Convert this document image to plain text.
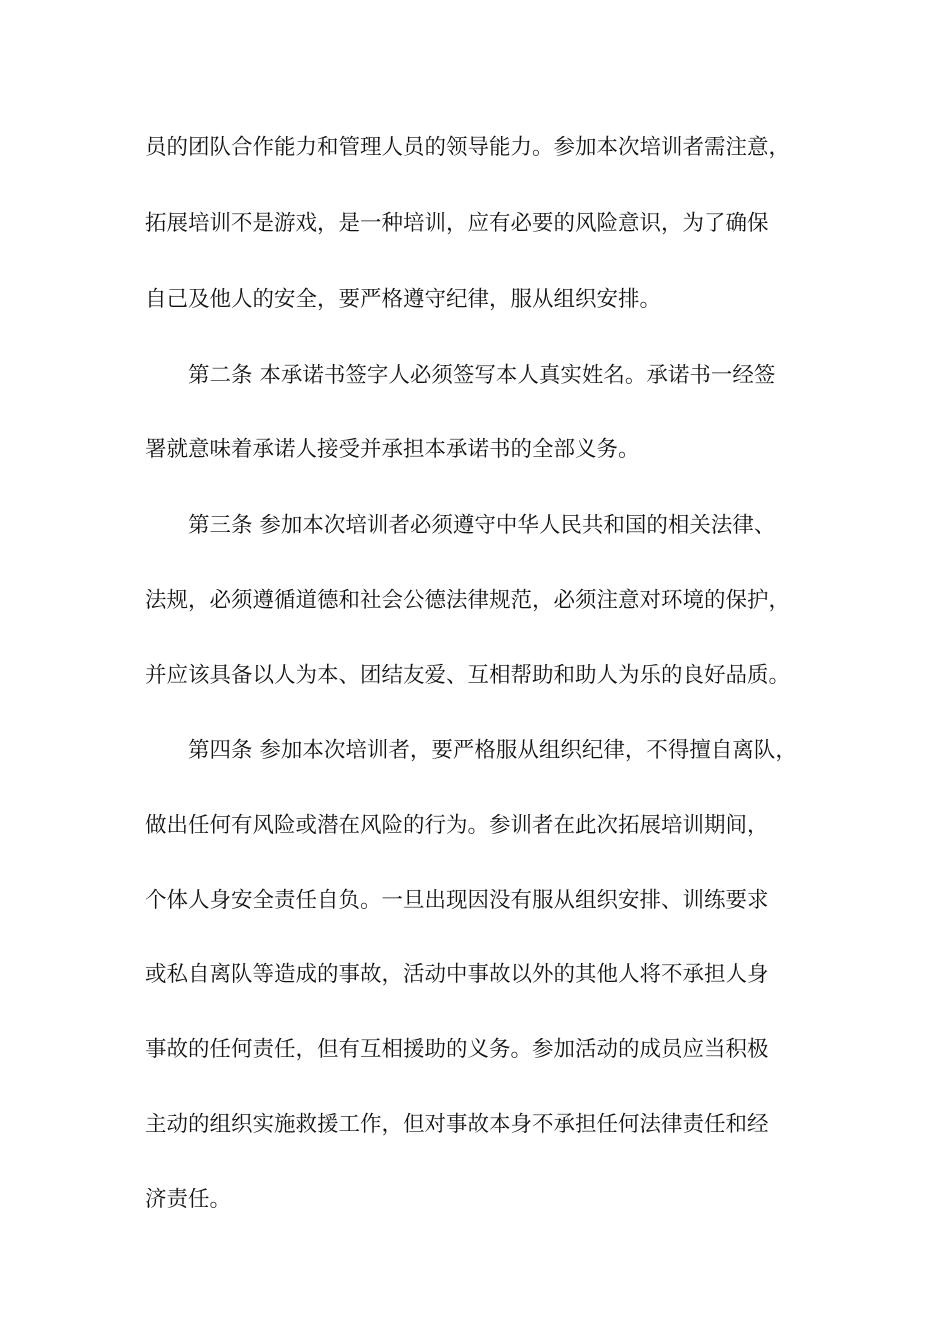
员的团队合作能力和管理人员的领导能力。参加本次培训者需注意，
拓展培训不是游戏，是一种培训，应有必要的风险意识，为了确保
自己及他人的安全，要严格遵守纪律，服从组织安排。
第二条 本承诺书签字人必须签写本人真实姓名。承诺书一经签
署就意味着承诺人接受并承担本承诺书的全部义务。
第三条 参加本次培训者必须遵守中华人民共和国的相关法律、
法规，必须遵循道德和社会公德法律规范，必须注意对环境的保护，
并应该具备以人为本、团结友爱、互相帮助和助人为乐的良好品质。
第四条 参加本次培训者，要严格服从组织纪律，不得擅自离队，
做出任何有风险或潜在风险的行为。参训者在此次拓展培训期间，
个体人身安全责任自负。一旦出现因没有服从组织安排、训练要求
或私自离队等造成的事故，活动中事故以外的其他人将不承担人身
事故的任何责任，但有互相援助的义务。参加活动的成员应当积极
主动的组织实施救援工作，但对事故本身不承担任何法律责任和经
济责任。
